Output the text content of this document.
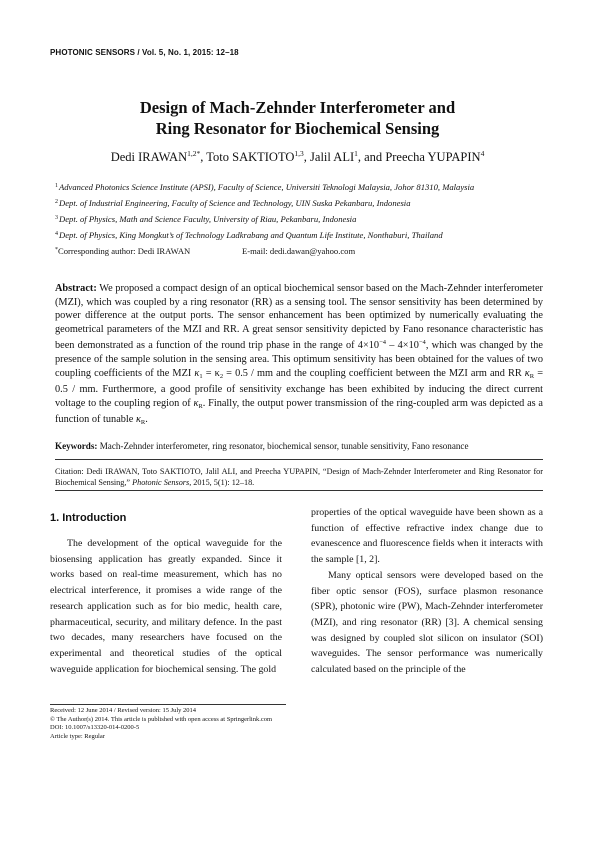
PHOTONIC SENSORS / Vol. 5, No. 1, 2015: 12–18
Design of Mach-Zehnder Interferometer and
Ring Resonator for Biochemical Sensing
Dedi $IRAWAN^{1,2*}$, Toto SAKTIOTO$^{1,3}$, Jalil ALI$^1$, and Preecha YUPAPIN$^4$
$^1$Advanced Photonics Science Institute (APSI), Faculty of Science, Universiti Teknologi Malaysia, Johor 81310, Malaysia
$^2$Dept. of Industrial Engineering, Faculty of Science and Technology, UIN Suska Pekanbaru, Indonesia
$^3$Dept. of Physics, Math and Science Faculty, University of Riau, Pekanbaru, Indonesia
$^4$Dept. of Physics, King Mongkut’s of Technology Ladkrabang and Quantum Life Institute, Nonthaburi, Thailand
*Corresponding author: Dedi IRAWAN	E-mail: dedi.dawan@yahoo.com

Abstract: We proposed a compact design of an optical biochemical sensor based on the Mach-Zehnder interferometer (MZI), which was coupled by a ring resonator (RR) as a sensing tool. The sensor sensitivity has been determined by power difference at the output ports. The sensor enhancement has been optimized by numerically evaluating the geometrical parameters of the MZI and RR. A great sensor sensitivity depicted by Fano resonance characteristic has been demonstrated as a function of the round trip phase in the range of $4\times 10^{-4} - 4\times 10^{-4}$, which was changed by the presence of the sample solution in the sensing area. This optimum sensitivity has been obtained for the values of two coupling coefficients of the MZI $\kappa_1 = \kappa_2 = 0.5$ / mm and the coupling coefficient between the MZI arm and RR $\kappa_R = 0.5$ / mm. Furthermore, a good profile of sensitivity exchange has been exhibited by inducing the direct current voltage to the coupling region of $\kappa_R$. Finally, the output power transmission of the ring-coupled arm was depicted as a function of tunable $\kappa_R$.

Keywords: Mach-Zehnder interferometer, ring resonator, biochemical sensor, tunable sensitivity, Fano resonance

Citation: Dedi IRAWAN, Toto SAKTIOTO, Jalil ALI, and Preecha YUPAPIN, “Design of Mach-Zehnder Interferometer and Ring Resonator for Biochemical Sensing,” Photonic Sensors, 2015, 5(1): 12–18.

1. Introduction

The development of the optical waveguide for the biosensing application has greatly expanded. Since it works based on real-time measurement, which has no electrical interference, it promises a wide range of the research application such as for bio medic, health care, pharmaceutical, security, and military defence. In the past two decades, many researchers have focused on the experimental and theoretical studies of the optical waveguide application for biochemical sensing. The gold

properties of the optical waveguide have been shown as a function of effective refractive index change due to evanescence and fluorescence fields when it interacts with the sample [1, 2].

Many optical sensors were developed based on the fiber optic sensor (FOS), surface plasmon resonance (SPR), photonic wire (PW), Mach-Zehnder interferometer (MZI), and ring resonator (RR) [3]. A chemical sensing was designed by coupled slot silicon on insulator (SOI) waveguides. The sensor performance was numerically calculated based on the principle of the

Received: 12 June 2014 / Revised version: 15 July 2014
© The Author(s) 2014. This article is published with open access at Springerlink.com
DOI: 10.1007/s13320-014-0200-5
Article type: Regular
